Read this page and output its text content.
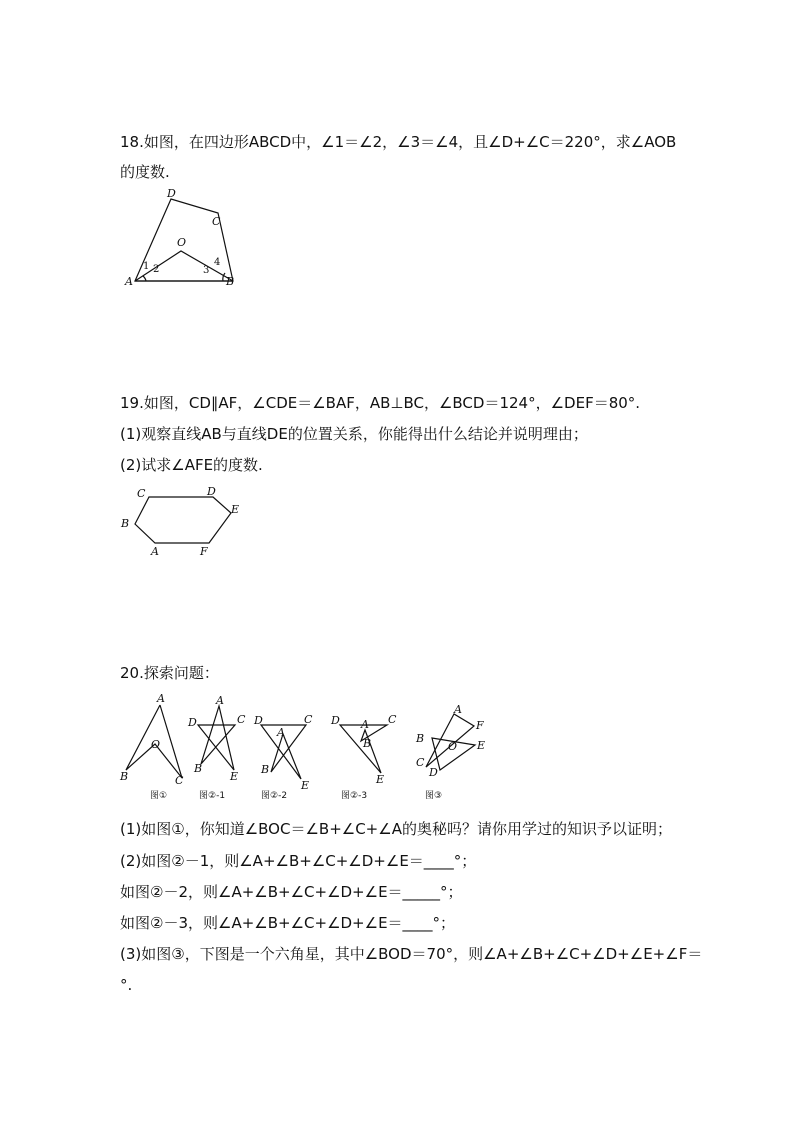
18.如图，在四边形ABCD中，∠1＝∠2，∠3＝∠4，且∠D+∠C＝220°，求∠AOB
的度数.
D
C
O
A	B
1 2	3
4
19.如图，CD∥AF，∠CDE＝∠BAF，AB⊥BC，∠BCD＝124°，∠DEF＝80°.
(1)观察直线AB与直线DE的位置关系，你能得出什么结论并说明理由；
(2)试求∠AFE的度数.
C	D
E
B
A	F
20.探索问题：
A
O
B	C
图①
A
D	C
B
E
图②-1
A
D	C
B
E
图②-2
A
D	C
B
E
图②-3
A
F
B
O E
C
D
图③
(1)如图①，你知道∠BOC＝∠B+∠C+∠A的奥秘吗？请你用学过的知识予以证明；
(2)如图②－1，则∠A+∠B+∠C+∠D+∠E＝____°；
如图②－2，则∠A+∠B+∠C+∠D+∠E＝_____°；
如图②－3，则∠A+∠B+∠C+∠D+∠E＝____°；
(3)如图③，下图是一个六角星，其中∠BOD＝70°，则∠A+∠B+∠C+∠D+∠E+∠F＝
°.
